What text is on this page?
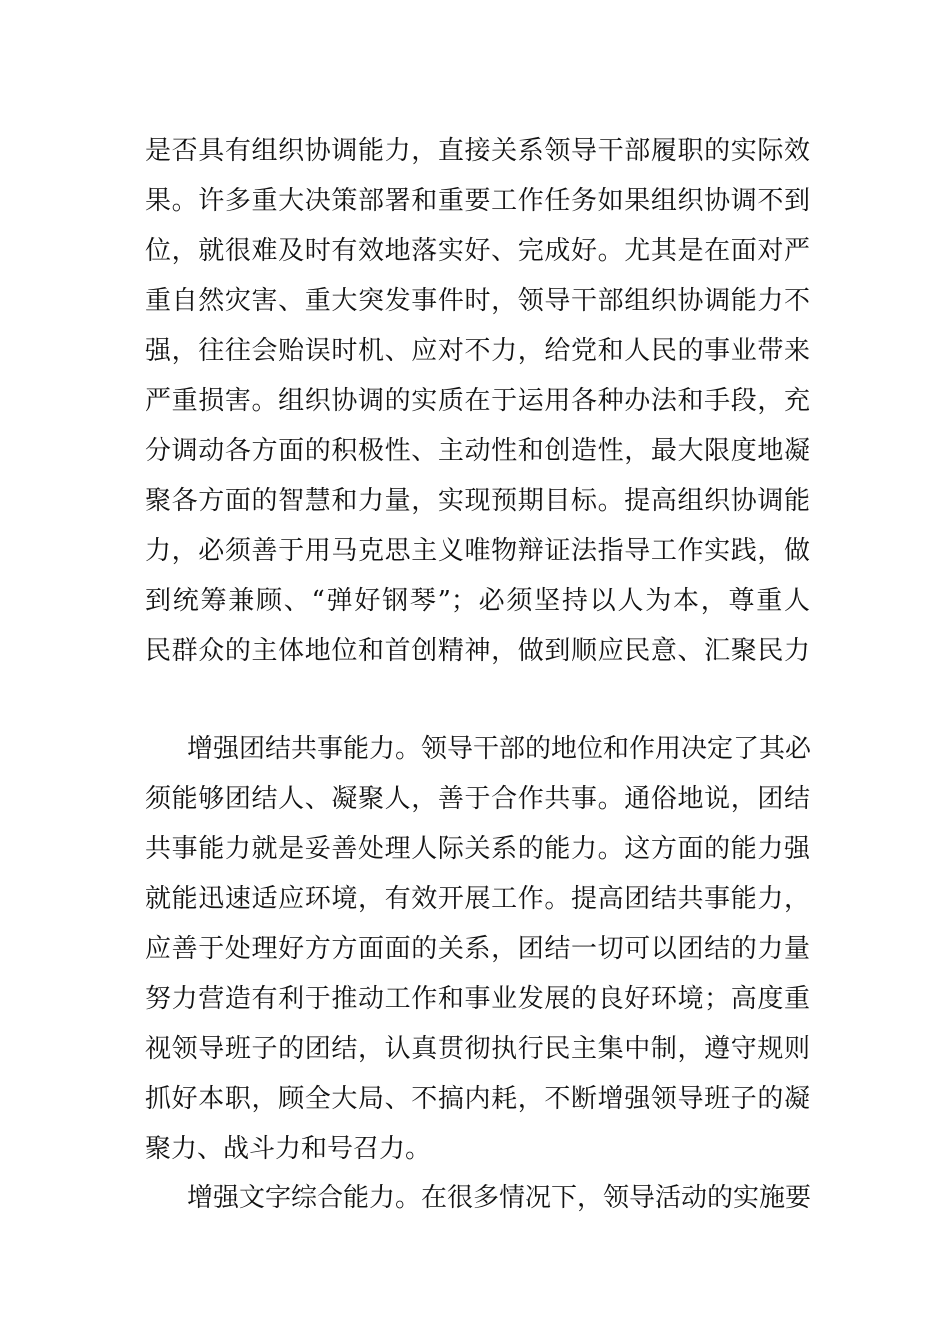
是否具有组织协调能力，直接关系领导干部履职的实际效
果。许多重大决策部署和重要工作任务如果组织协调不到
位，就很难及时有效地落实好、完成好。尤其是在面对严
重自然灾害、重大突发事件时，领导干部组织协调能力不
强，往往会贻误时机、应对不力，给党和人民的事业带来
严重损害。组织协调的实质在于运用各种办法和手段，充
分调动各方面的积极性、主动性和创造性，最大限度地凝
聚各方面的智慧和力量，实现预期目标。提高组织协调能
力，必须善于用马克思主义唯物辩证法指导工作实践，做
到统筹兼顾、“弹好钢琴”；必须坚持以人为本，尊重人
民群众的主体地位和首创精神，做到顺应民意、汇聚民力
增强团结共事能力。领导干部的地位和作用决定了其必
须能够团结人、凝聚人，善于合作共事。通俗地说，团结
共事能力就是妥善处理人际关系的能力。这方面的能力强
就能迅速适应环境，有效开展工作。提高团结共事能力，
应善于处理好方方面面的关系，团结一切可以团结的力量
努力营造有利于推动工作和事业发展的良好环境；高度重
视领导班子的团结，认真贯彻执行民主集中制，遵守规则
抓好本职，顾全大局、不搞内耗，不断增强领导班子的凝
聚力、战斗力和号召力。
增强文字综合能力。在很多情况下，领导活动的实施要
